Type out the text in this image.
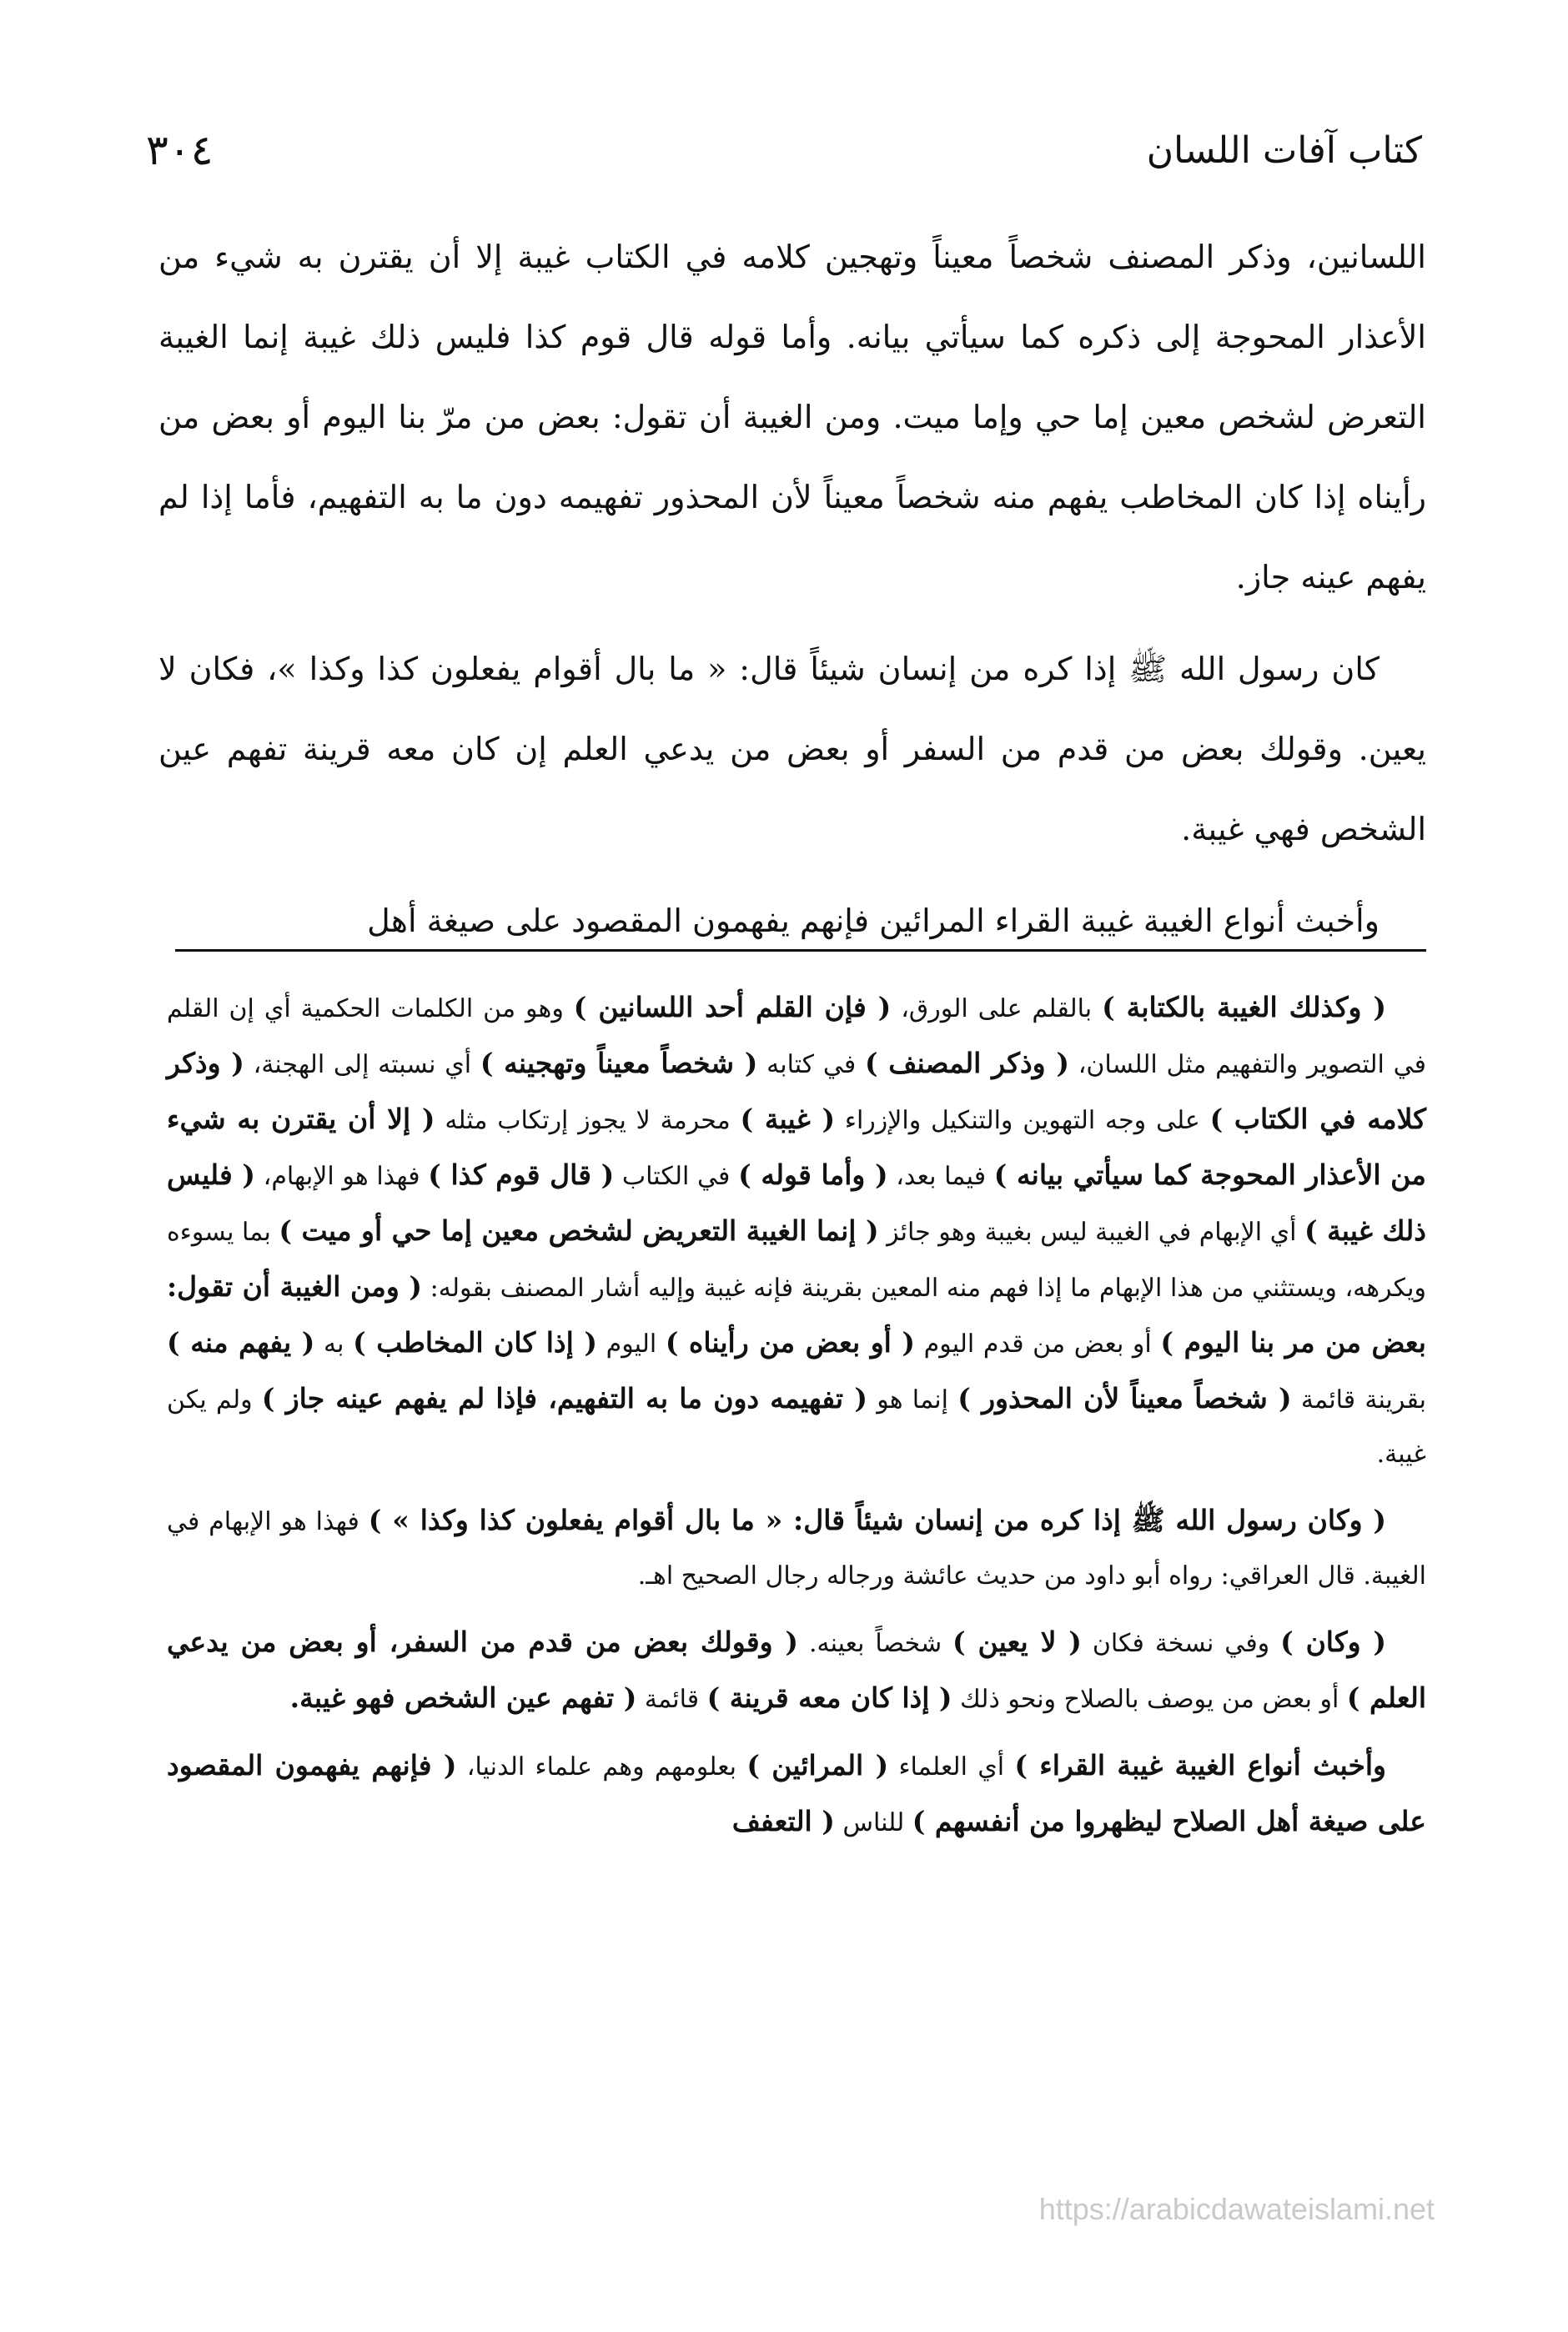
٣٠٤	كتاب آفات اللسان

اللسانين، وذكر المصنف شخصاً معيناً وتهجين كلامه في الكتاب غيبة إلا أن يقترن به شيء من الأعذار المحوجة إلى ذكره كما سيأتي بيانه. وأما قوله قال قوم كذا فليس ذلك غيبة إنما الغيبة التعرض لشخص معين إما حي وإما ميت. ومن الغيبة أن تقول: بعض من مرّ بنا اليوم أو بعض من رأيناه إذا كان المخاطب يفهم منه شخصاً معيناً لأن المحذور تفهيمه دون ما به التفهيم، فأما إذا لم يفهم عينه جاز.

كان رسول الله ﷺ إذا كره من إنسان شيئاً قال: « ما بال أقوام يفعلون كذا وكذا »، فكان لا يعين. وقولك بعض من قدم من السفر أو بعض من يدعي العلم إن كان معه قرينة تفهم عين الشخص فهي غيبة.

وأخبث أنواع الغيبة غيبة القراء المرائين فإنهم يفهمون المقصود على صيغة أهل

( وكذلك الغيبة بالكتابة ) بالقلم على الورق، ( فإن القلم أحد اللسانين ) وهو من الكلمات الحكمية أي إن القلم في التصوير والتفهيم مثل اللسان، ( وذكر المصنف ) في كتابه ( شخصاً معيناً وتهجينه ) أي نسبته إلى الهجنة، ( وذكر كلامه في الكتاب ) على وجه التهوين والتنكيل والإزراء ( غيبة ) محرمة لا يجوز إرتكاب مثله ( إلا أن يقترن به شيء من الأعذار المحوجة كما سيأتي بيانه ) فيما بعد، ( وأما قوله ) في الكتاب ( قال قوم كذا ) فهذا هو الإبهام، ( فليس ذلك غيبة ) أي الإبهام في الغيبة ليس بغيبة وهو جائز ( إنما الغيبة التعريض لشخص معين إما حي أو ميت ) بما يسوءه ويكرهه، ويستثني من هذا الإبهام ما إذا فهم منه المعين بقرينة فإنه غيبة وإليه أشار المصنف بقوله: ( ومن الغيبة أن تقول: بعض من مر بنا اليوم ) أو بعض من قدم اليوم ( أو بعض من رأيناه ) اليوم ( إذا كان المخاطب ) به ( يفهم منه ) بقرينة قائمة ( شخصاً معيناً لأن المحذور ) إنما هو ( تفهيمه دون ما به التفهيم، فإذا لم يفهم عينه جاز ) ولم يكن غيبة.

( وكان رسول الله ﷺ إذا كره من إنسان شيئاً قال: « ما بال أقوام يفعلون كذا وكذا » ) فهذا هو الإبهام في الغيبة. قال العراقي: رواه أبو داود من حديث عائشة ورجاله رجال الصحيح اهـ.

( وكان ) وفي نسخة فكان ( لا يعين ) شخصاً بعينه. ( وقولك بعض من قدم من السفر، أو بعض من يدعي العلم ) أو بعض من يوصف بالصلاح ونحو ذلك ( إذا كان معه قرينة ) قائمة ( تفهم عين الشخص فهو غيبة.

وأخبث أنواع الغيبة غيبة القراء ) أي العلماء ( المرائين ) بعلومهم وهم علماء الدنيا، ( فإنهم يفهمون المقصود على صيغة أهل الصلاح ليظهروا من أنفسهم ) للناس ( التعفف

https://arabicdawateislami.net
